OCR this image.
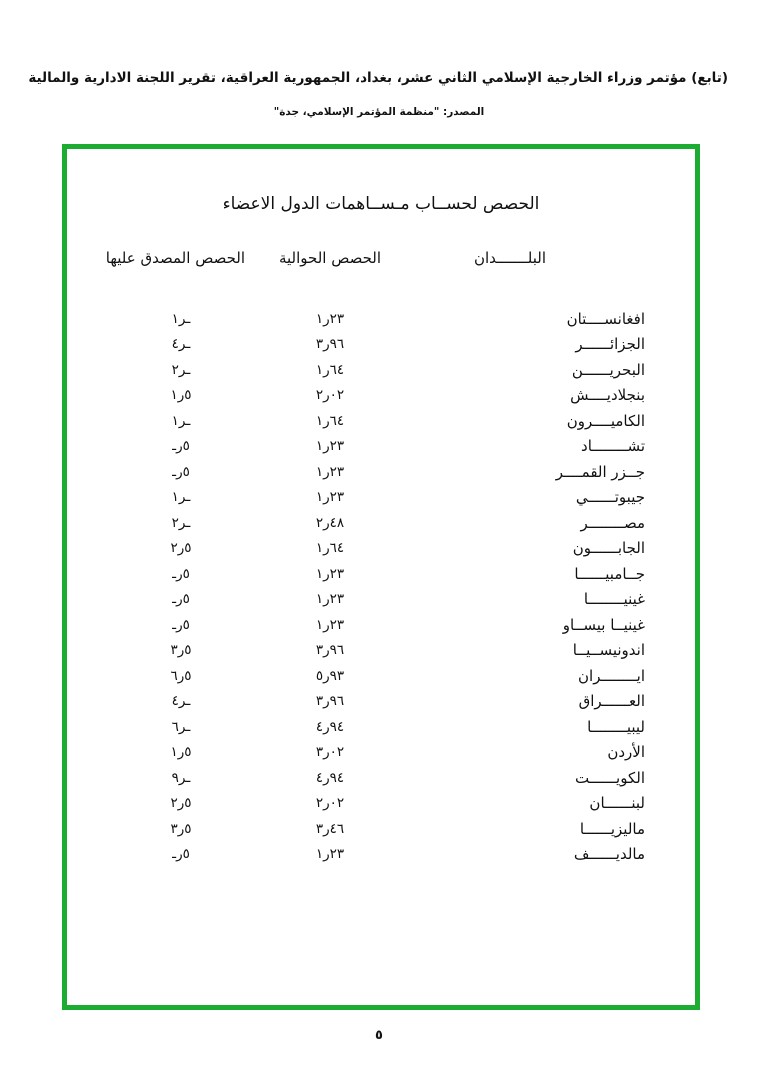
(تابع) مؤتمر وزراء الخارجية الإسلامي الثاني عشر، بغداد، الجمهورية العراقية، تقرير اللجنة الادارية والمالية
المصدر: "منظمة المؤتمر الإسلامي، جدة"
الحصص لحســاب مـســاهمات الدول الاعضاء
البلـــــــدان
الحصص الحوالية
الحصص المصدق عليها
افغانســــتان
١ر٢٣
١رـ
الجزائــــــر
٣ر٩٦
٤رـ
البحريــــــن
١ر٦٤
٢رـ
بنجلاديــــش
٢ر٠٢
١ر٥
الكاميــــرون
١ر٦٤
١رـ
تشــــــــاد
١ر٢٣
ـر٥
جــزر القمــــر
١ر٢٣
ـر٥
جيبوتــــــي
١ر٢٣
١رـ
مصــــــــر
٢ر٤٨
٢رـ
الجابــــــون
١ر٦٤
٢ر٥
جــامبيــــــا
١ر٢٣
ـر٥
غينيــــــــا
١ر٢٣
ـر٥
غينيــا بيســاو
١ر٢٣
ـر٥
اندونيســيــا
٣ر٩٦
٣ر٥
ايــــــــران
٥ر٩٣
٦ر٥
العــــــراق
٣ر٩٦
٤رـ
ليبيــــــــا
٤ر٩٤
٦رـ
الأردن
٣ر٠٢
١ر٥
الكويــــــت
٤ر٩٤
٩رـ
لبنــــــان
٢ر٠٢
٢ر٥
ماليزيــــــا
٣ر٤٦
٣ر٥
مالديــــــف
١ر٢٣
ـر٥
٥
